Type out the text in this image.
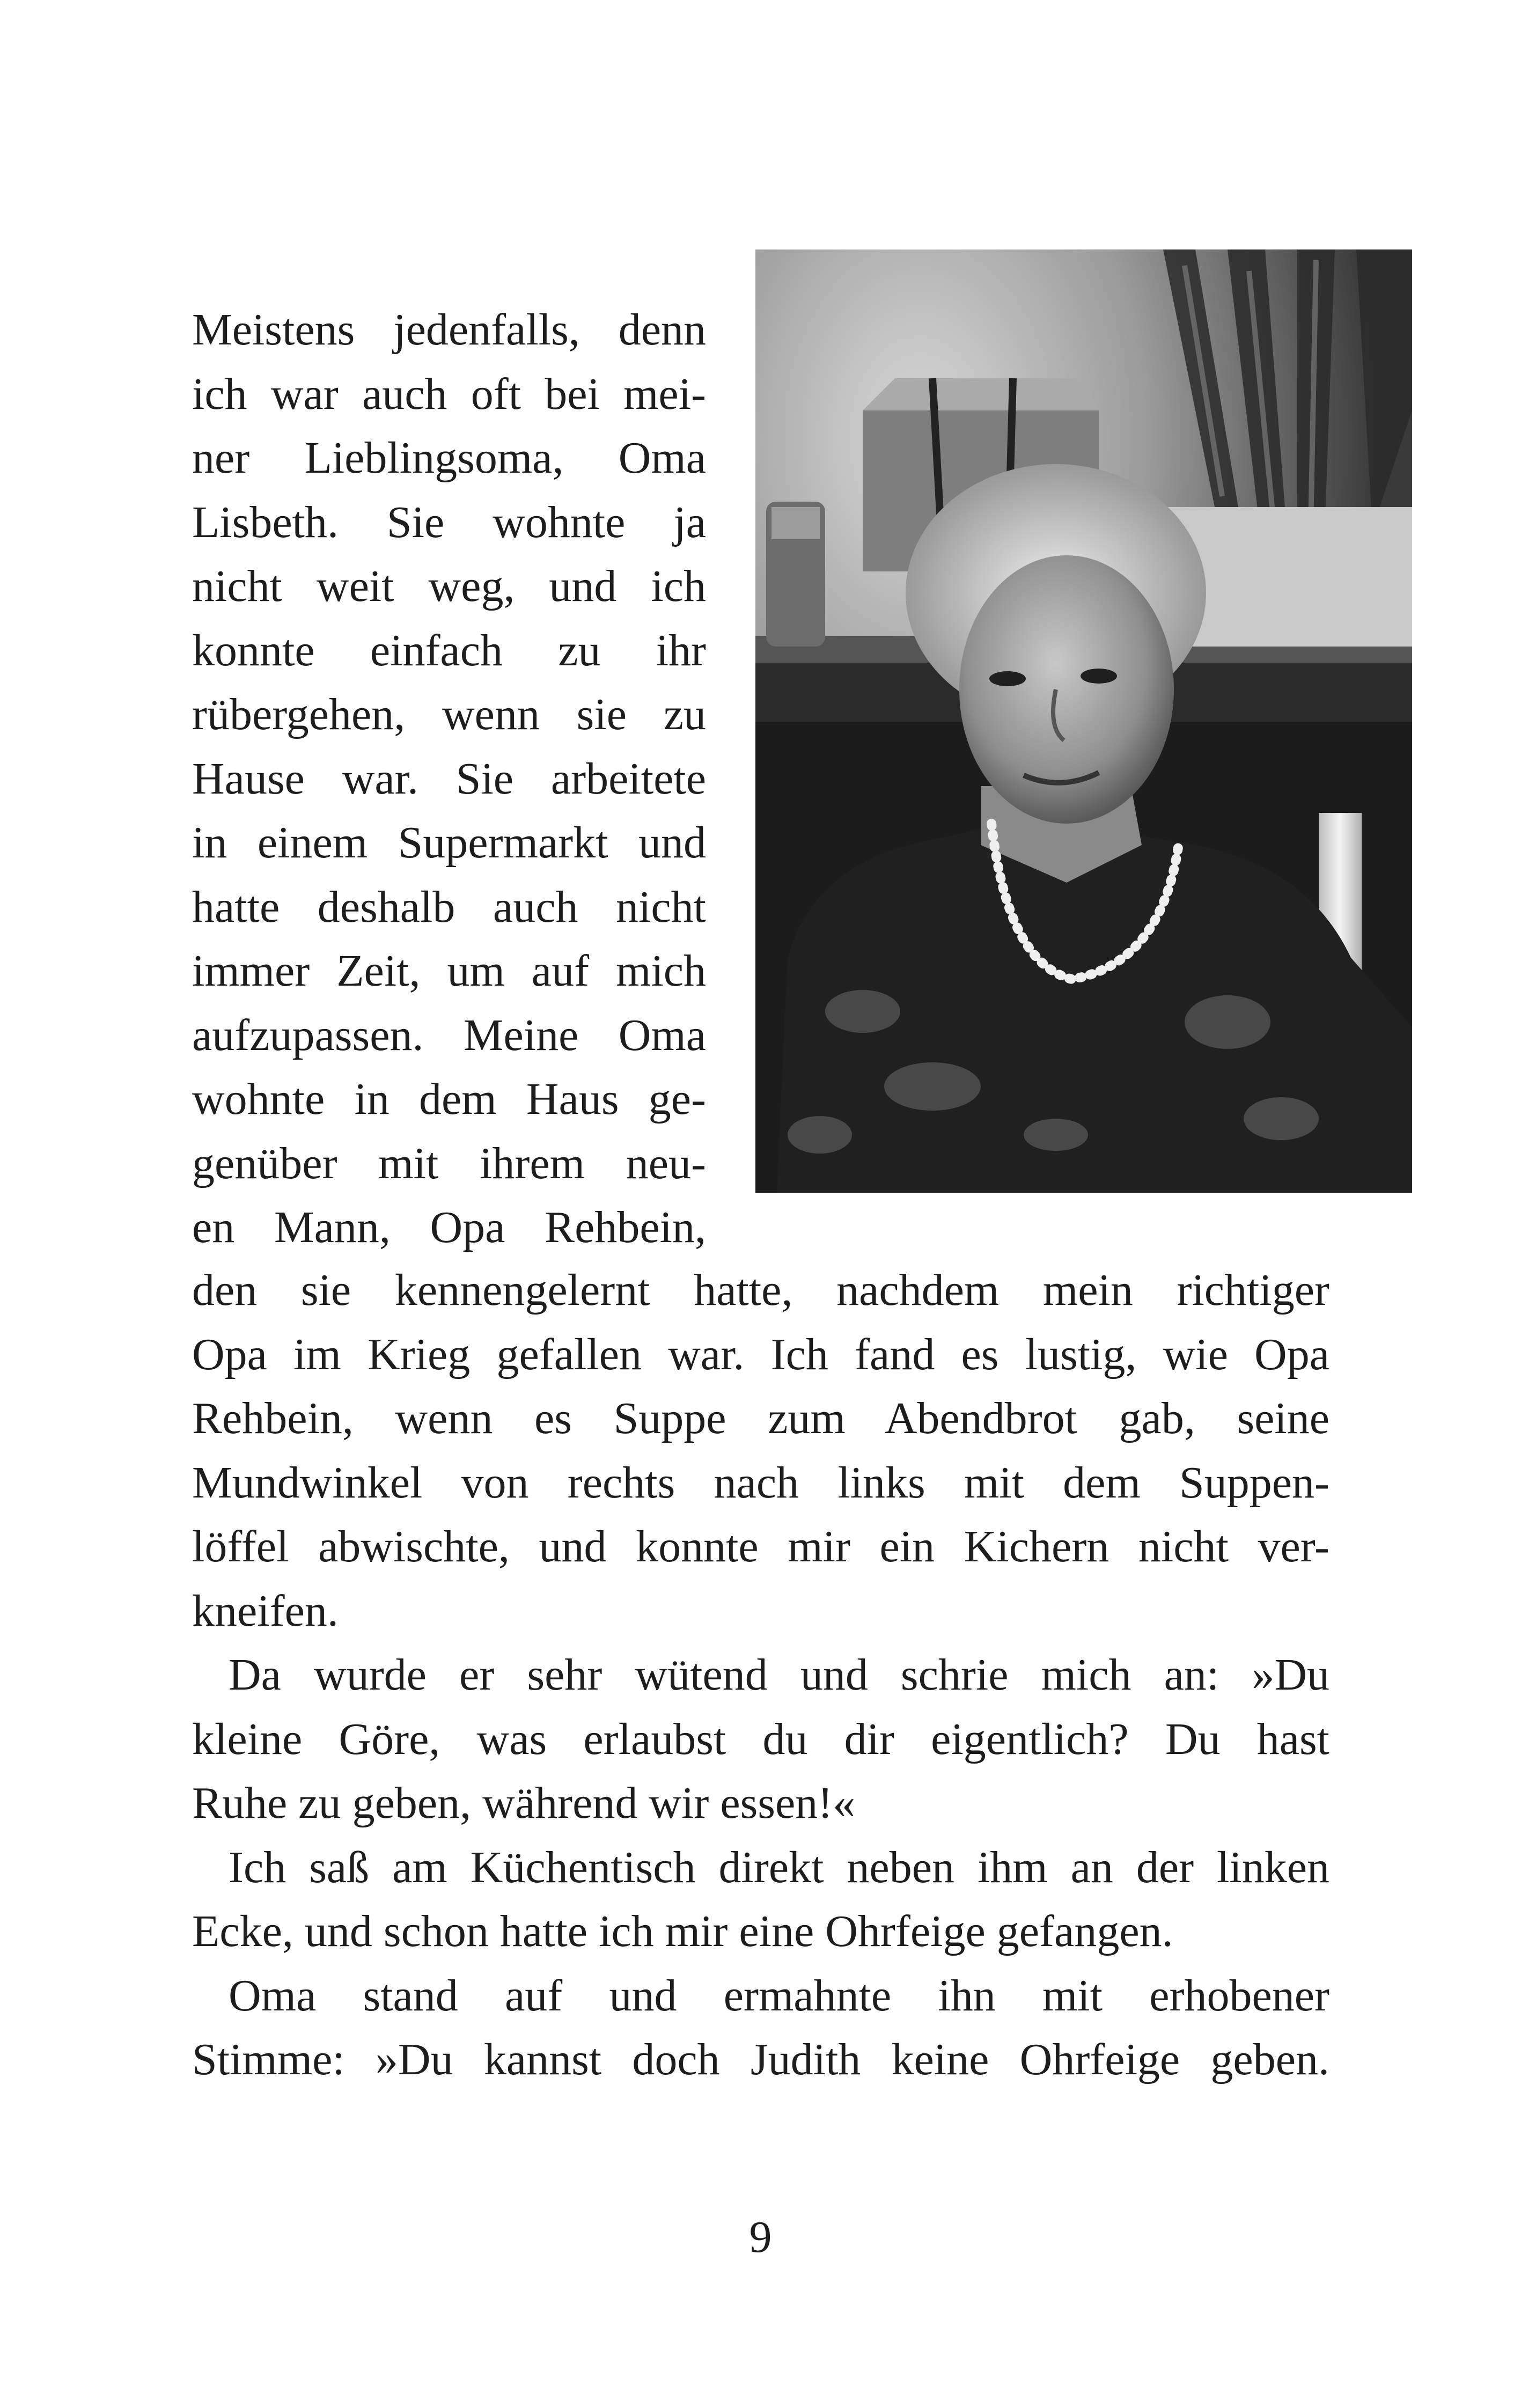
Meistens jedenfalls, denn
ich war auch oft bei mei-
ner Lieblingsoma, Oma
Lisbeth. Sie wohnte ja
nicht weit weg, und ich
konnte einfach zu ihr
rübergehen, wenn sie zu
Hause war. Sie arbeitete
in einem Supermarkt und
hatte deshalb auch nicht
immer Zeit, um auf mich
aufzupassen. Meine Oma
wohnte in dem Haus ge-
genüber mit ihrem neu-
en Mann, Opa Rehbein,

den sie kennengelernt hatte, nachdem mein richtiger
Opa im Krieg gefallen war. Ich fand es lustig, wie Opa
Rehbein, wenn es Suppe zum Abendbrot gab, seine
Mundwinkel von rechts nach links mit dem Suppen-
löffel abwischte, und konnte mir ein Kichern nicht ver-
kneifen.
Da wurde er sehr wütend und schrie mich an: »Du
kleine Göre, was erlaubst du dir eigentlich? Du hast
Ruhe zu geben, während wir essen!«
Ich saß am Küchentisch direkt neben ihm an der linken
Ecke, und schon hatte ich mir eine Ohrfeige gefangen.
Oma stand auf und ermahnte ihn mit erhobener
Stimme: »Du kannst doch Judith keine Ohrfeige geben.

9
